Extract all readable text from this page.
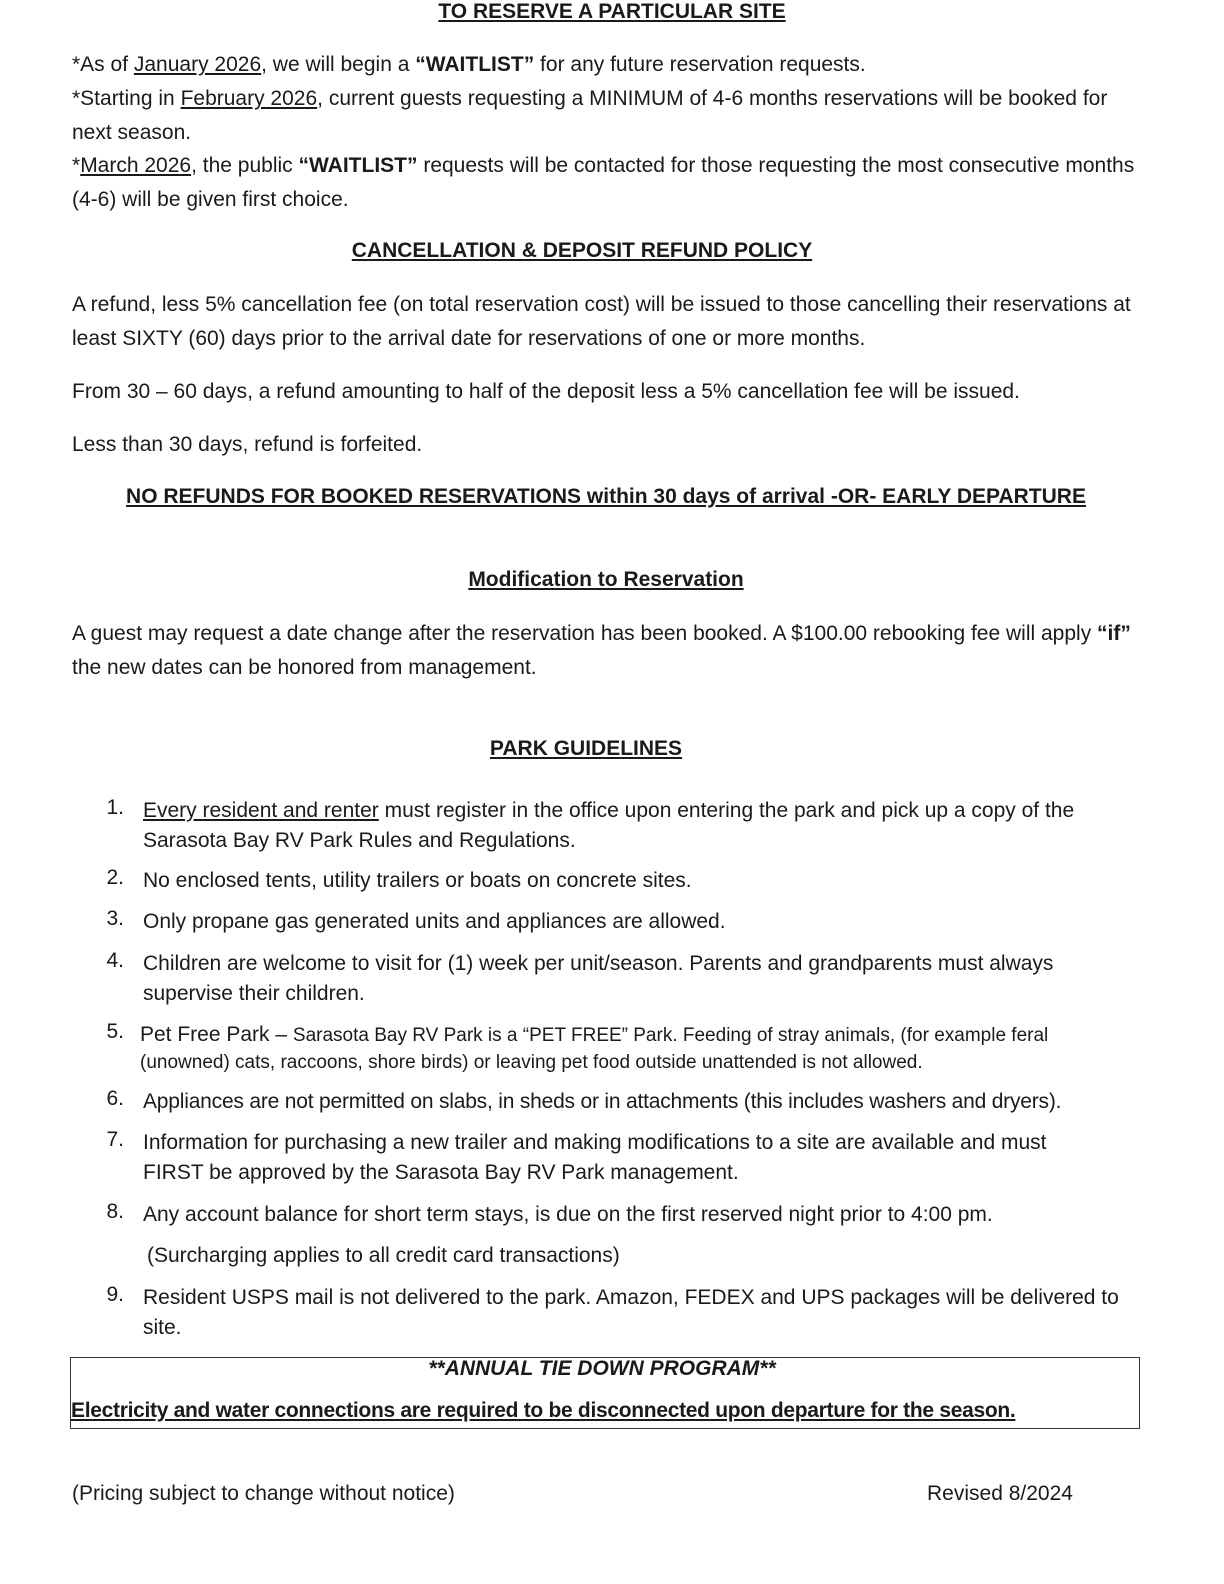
TO RESERVE A PARTICULAR SITE
*As of January 2026, we will begin a “WAITLIST” for any future reservation requests.
*Starting in February 2026, current guests requesting a MINIMUM of 4-6 months reservations will be booked for next season.
*March 2026, the public “WAITLIST” requests will be contacted for those requesting the most consecutive months (4-6) will be given first choice.
CANCELLATION & DEPOSIT REFUND POLICY
A refund, less 5% cancellation fee (on total reservation cost) will be issued to those cancelling their reservations at least SIXTY (60) days prior to the arrival date for reservations of one or more months.
From 30 – 60 days, a refund amounting to half of the deposit less a 5% cancellation fee will be issued.
Less than 30 days, refund is forfeited.
NO REFUNDS FOR BOOKED RESERVATIONS within 30 days of arrival -OR- EARLY DEPARTURE
Modification to Reservation
A guest may request a date change after the reservation has been booked. A $100.00 rebooking fee will apply “if” the new dates can be honored from management.
PARK GUIDELINES
1. Every resident and renter must register in the office upon entering the park and pick up a copy of the Sarasota Bay RV Park Rules and Regulations.
2. No enclosed tents, utility trailers or boats on concrete sites.
3. Only propane gas generated units and appliances are allowed.
4. Children are welcome to visit for (1) week per unit/season. Parents and grandparents must always supervise their children.
5. Pet Free Park – Sarasota Bay RV Park is a “PET FREE” Park. Feeding of stray animals, (for example feral (unowned) cats, raccoons, shore birds) or leaving pet food outside unattended is not allowed.
6. Appliances are not permitted on slabs, in sheds or in attachments (this includes washers and dryers).
7. Information for purchasing a new trailer and making modifications to a site are available and must FIRST be approved by the Sarasota Bay RV Park management.
8. Any account balance for short term stays, is due on the first reserved night prior to 4:00 pm.
(Surcharging applies to all credit card transactions)
9. Resident USPS mail is not delivered to the park. Amazon, FEDEX and UPS packages will be delivered to site.
**ANNUAL TIE DOWN PROGRAM**
Electricity and water connections are required to be disconnected upon departure for the season.
(Pricing subject to change without notice)	Revised 8/2024
